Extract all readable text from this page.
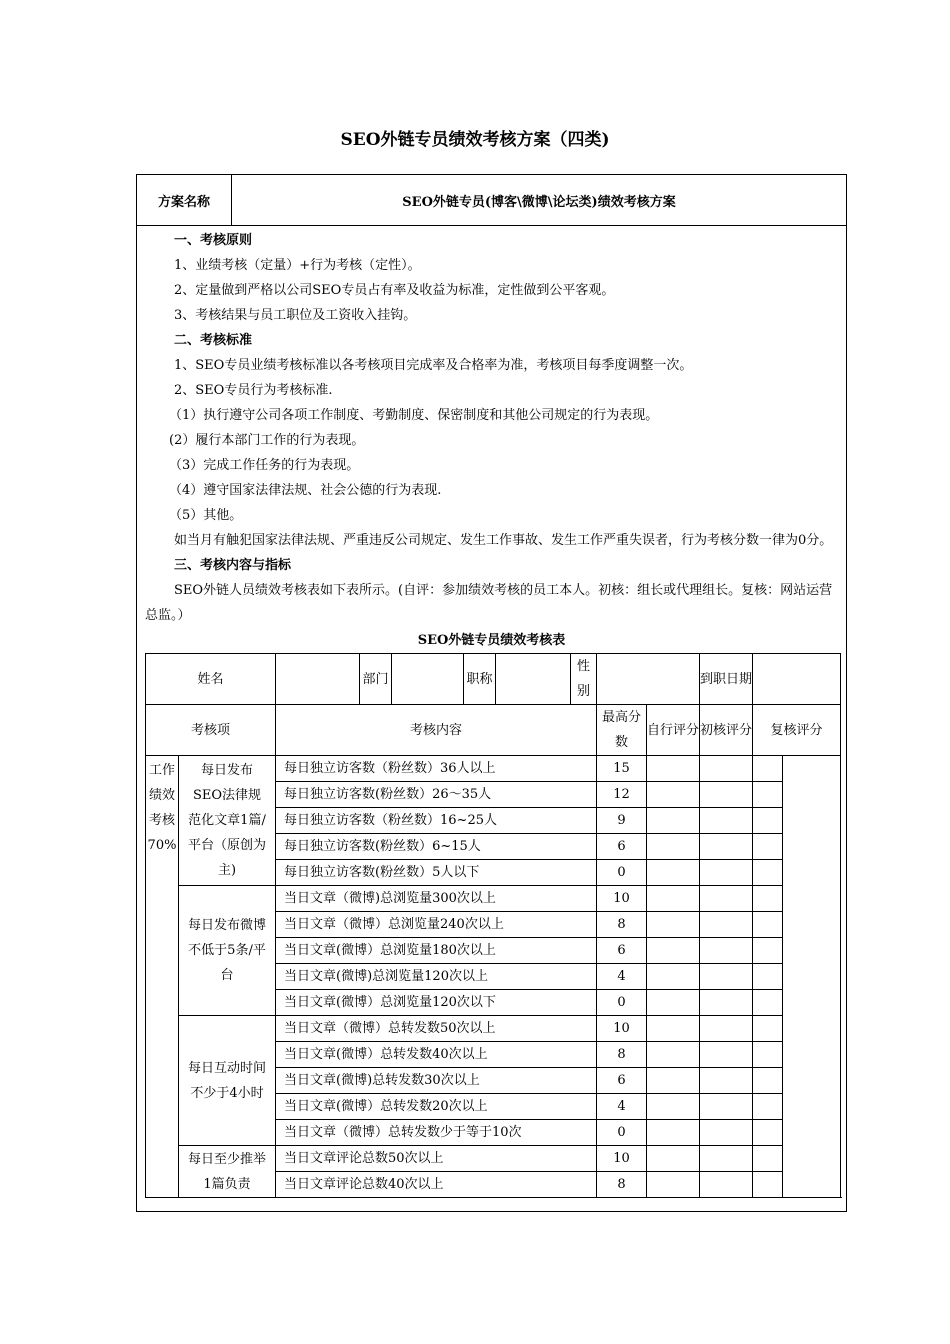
SEO外链专员绩效考核方案（四类)
方案名称	SEO外链专员(博客\微博\论坛类)绩效考核方案

一、考核原则

1、业绩考核（定量）+行为考核（定性）。

2、定量做到严格以公司SEO专员占有率及收益为标准，定性做到公平客观。

3、考核结果与员工职位及工资收入挂钩。

二、考核标准

1、SEO专员业绩考核标准以各考核项目完成率及合格率为准，考核项目每季度调整一次。

2、SEO专员行为考核标准.

（1）执行遵守公司各项工作制度、考勤制度、保密制度和其他公司规定的行为表现。

(2）履行本部门工作的行为表现。

（3）完成工作任务的行为表现。

（4）遵守国家法律法规、社会公德的行为表现.

（5）其他。

如当月有触犯国家法律法规、严重违反公司规定、发生工作事故、发生工作严重失误者，行为考核分数一律为0分。

三、考核内容与指标

SEO外链人员绩效考核表如下表所示。(自评：参加绩效考核的员工本人。初核：组长或代理组长。复核：网站运营总监。）

SEO外链专员绩效考核表
姓名			部门		职称		性别			到职日期		
考核项		考核内容						最高分数	自行评分	初核评分	复核评分	
工作绩效考核70%	每日发布SEO法律规范化文章1篇/平台（原创为主)	每日独立访客数（粉丝数）36人以上						15				
		每日独立访客数(粉丝数）26～35人						12				
		每日独立访客数（粉丝数）16~25人						9				
		每日独立访客数(粉丝数）6~15人						6				
		每日独立访客数(粉丝数）5人以下						0				
	每日发布微博不低于5条/平台	当日文章（微博)总浏览量300次以上						10				
		当日文章（微博）总浏览量240次以上						8				
		当日文章(微博）总浏览量180次以上						6				
		当日文章(微博)总浏览量120次以上						4				
		当日文章(微博）总浏览量120次以下						0				
	每日互动时间不少于4小时	当日文章（微博）总转发数50次以上						10				
		当日文章(微博）总转发数40次以上						8				
		当日文章(微博)总转发数30次以上						6				
		当日文章(微博）总转发数20次以上						4				
		当日文章（微博）总转发数少于等于10次						0				
	每日至少推举1篇负责	当日文章评论总数50次以上						10				
		当日文章评论总数40次以上						8				
